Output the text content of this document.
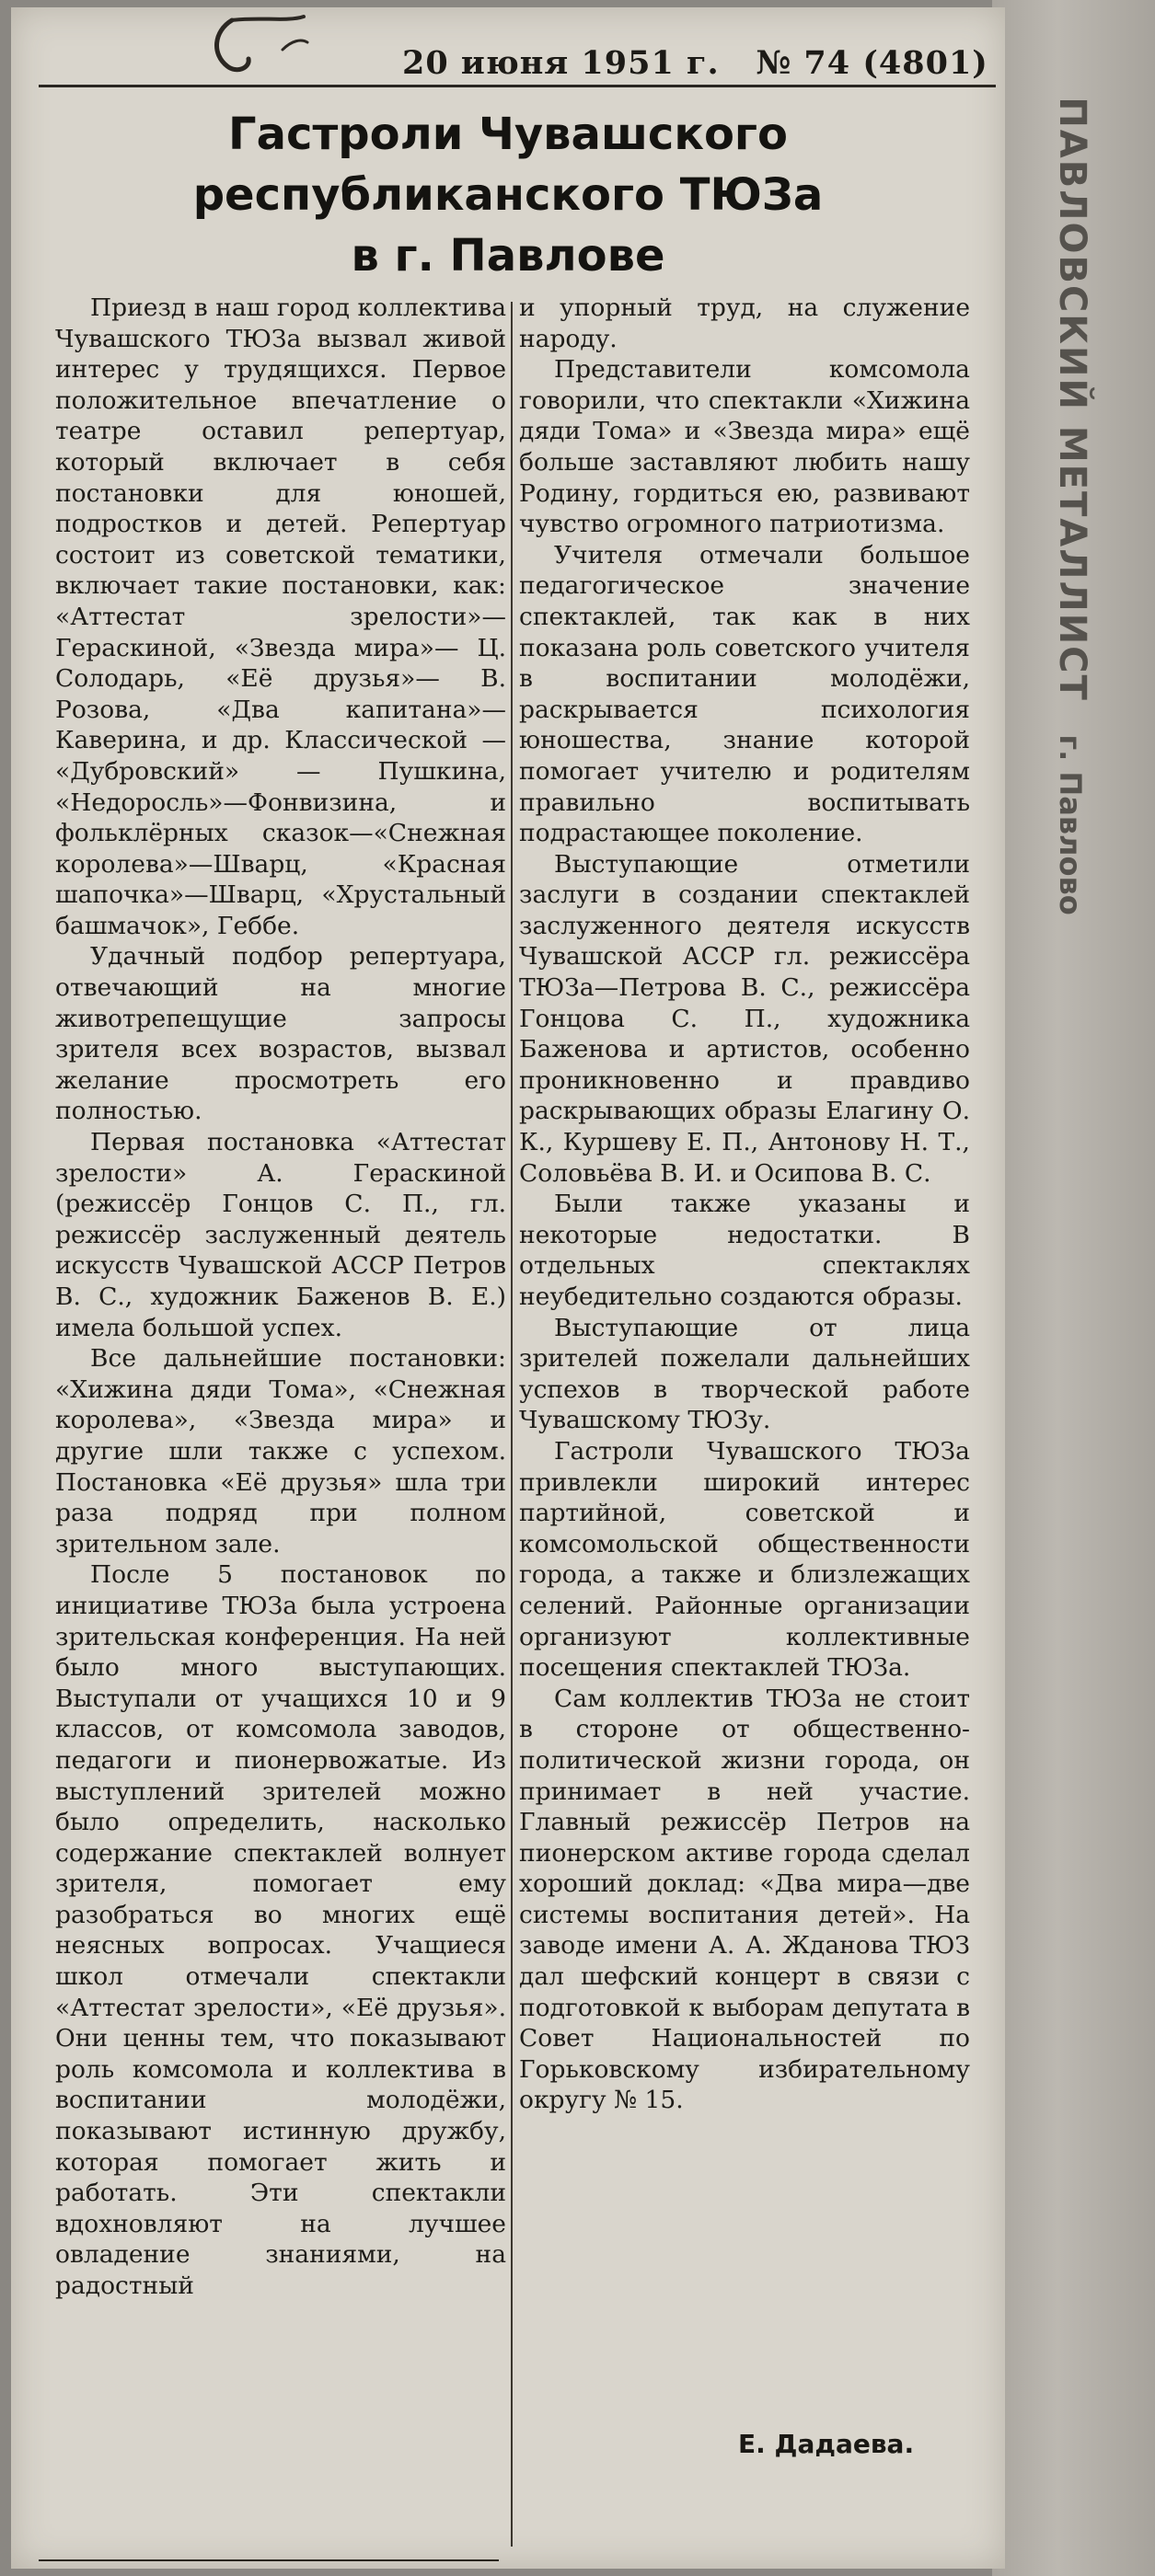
20 июня 1951 г. № 74 (4801)
Гастроли Чувашского
республиканского ТЮЗа
в г. Павлове

Приезд в наш город коллектива Чувашского ТЮЗа вызвал живой интерес у трудящихся. Первое положительное впечатление о театре оставил репертуар, который включает в себя постановки для юношей, подростков и детей. Репертуар состоит из советской тематики, включает такие постановки, как: «Аттестат зрелости»— Гераскиной, «Звезда мира»— Ц. Солодарь, «Её друзья»— В. Розова, «Два капитана»— Каверина, и др. Классической — «Дубровский» — Пушкина, «Недоросль»—Фонвизина, и фольклёрных сказок—«Снежная королева»—Шварц, «Красная шапочка»—Шварц, «Хрустальный башмачок», Геббе.

Удачный подбор репертуара, отвечающий на многие животрепещущие запросы зрителя всех возрастов, вызвал желание просмотреть его полностью.

Первая постановка «Аттестат зрелости» А. Гераскиной (режиссёр Гонцов С. П., гл. режиссёр заслуженный деятель искусств Чувашской АССР Петров В. С., художник Баженов В. Е.) имела большой успех.

Все дальнейшие постановки: «Хижина дяди Тома», «Снежная королева», «Звезда мира» и другие шли также с успехом. Постановка «Её друзья» шла три раза подряд при полном зрительном зале.

После 5 постановок по инициативе ТЮЗа была устроена зрительская конференция. На ней было много выступающих. Выступали от учащихся 10 и 9 классов, от комсомола заводов, педагоги и пионервожатые. Из выступлений зрителей можно было определить, насколько содержание спектаклей волнует зрителя, помогает ему разобраться во многих ещё неясных вопросах. Учащиеся школ отмечали спектакли «Аттестат зрелости», «Её друзья». Они ценны тем, что показывают роль комсомола и коллектива в воспитании молодёжи, показывают истинную дружбу, которая помогает жить и работать. Эти спектакли вдохновляют на лучшее овладение знаниями, на радостный

и упорный труд, на служение народу.

Представители комсомола говорили, что спектакли «Хижина дяди Тома» и «Звезда мира» ещё больше заставляют любить нашу Родину, гордиться ею, развивают чувство огромного патриотизма.

Учителя отмечали большое педагогическое значение спектаклей, так как в них показана роль советского учителя в воспитании молодёжи, раскрывается психология юношества, знание которой помогает учителю и родителям правильно воспитывать подрастающее поколение.

Выступающие отметили заслуги в создании спектаклей заслуженного деятеля искусств Чувашской АССР гл. режиссёра ТЮЗа—Петрова В. С., режиссёра Гонцова С. П., художника Баженова и артистов, особенно проникновенно и правдиво раскрывающих образы Елагину О. К., Куршеву Е. П., Антонову Н. Т., Соловьёва В. И. и Осипова В. С.

Были также указаны и некоторые недостатки. В отдельных спектаклях неубедительно создаются образы.

Выступающие от лица зрителей пожелали дальнейших успехов в творческой работе Чувашскому ТЮЗу.

Гастроли Чувашского ТЮЗа привлекли широкий интерес партийной, советской и комсомольской общественности города, а также и близлежащих селений. Районные организации организуют коллективные посещения спектаклей ТЮЗа.

Сам коллектив ТЮЗа не стоит в стороне от общественно-политической жизни города, он принимает в ней участие. Главный режиссёр Петров на пионерском активе города сделал хороший доклад: «Два мира—две системы воспитания детей». На заводе имени А. А. Жданова ТЮЗ дал шефский концерт в связи с подготовкой к выборам депутата в Совет Национальностей по Горьковскому избирательному округу № 15.

Е. Дадаева.
ПАВЛОВСКИЙ МЕТАЛЛИСТ г. Павлово
